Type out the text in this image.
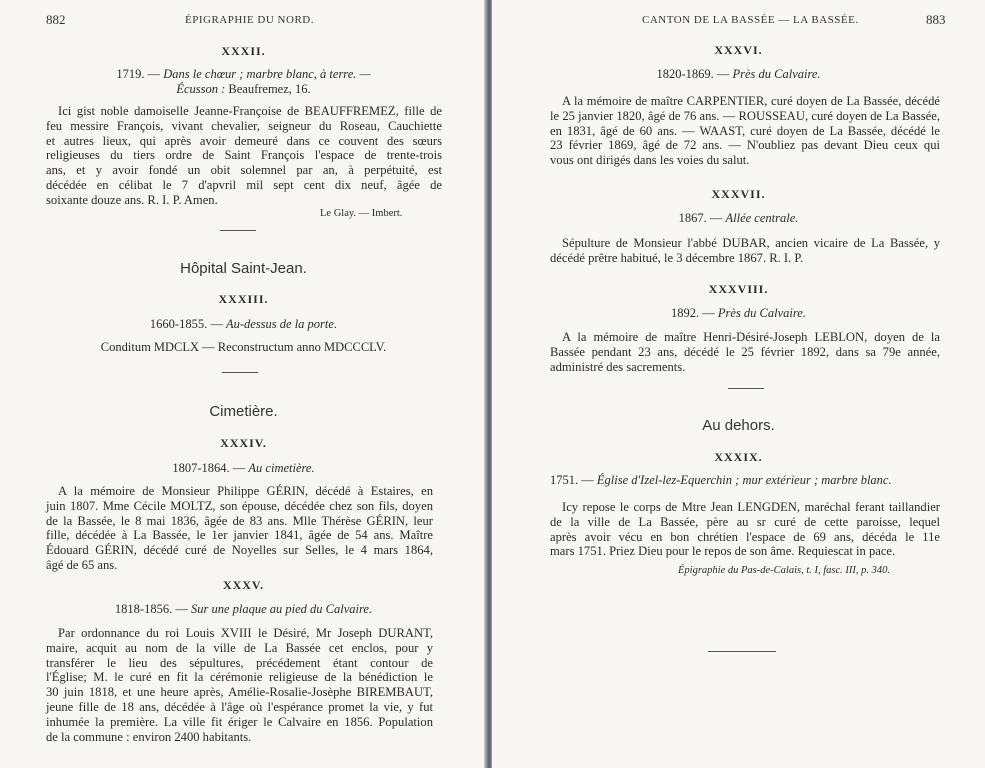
882	ÉPIGRAPHIE DU NORD.
XXXII.
1719. — Dans le chœur ; marbre blanc, à terre. —
Écusson : Beaufremez, 16.
Ici gist noble damoiselle Jeanne-Françoise de BEAUFFREMEZ, fille de
feu messire François, vivant chevalier, seigneur du Roseau, Cauchiette
et autres lieux, qui après avoir demeuré dans ce couvent des sœurs
religieuses du tiers ordre de Saint François l'espace de trente-trois
ans, et y avoir fondé un obit solemnel par an, à perpétuité, est
décédée en célibat le 7 d'apvril mil sept cent dix neuf, âgée de
soixante douze ans. R. I. P. Amen.
Le Glay. — Imbert.
Hôpital Saint-Jean.
XXXIII.
1660-1855. — Au-dessus de la porte.
Conditum MDCLX — Reconstructum anno MDCCCLV.
Cimetière.
XXXIV.
1807-1864. — Au cimetière.
A la mémoire de Monsieur Philippe GÉRIN, décédé à Estaires, en
juin 1807. Mme Cécile MOLTZ, son épouse, décédée chez son fils, doyen
de la Bassée, le 8 mai 1836, âgée de 83 ans. Mlle Thérèse GÉRIN, leur
fille, décédée à La Bassée, le 1er janvier 1841, âgée de 54 ans. Maître
Édouard GÉRIN, décédé curé de Noyelles sur Selles, le 4 mars 1864,
âgé de 65 ans.
XXXV.
1818-1856. — Sur une plaque au pied du Calvaire.
Par ordonnance du roi Louis XVIII le Désiré, Mr Joseph DURANT,
maire, acquit au nom de la ville de La Bassée cet enclos, pour y
transférer le lieu des sépultures, précédement étant contour de
l'Église; M. le curé en fit la cérémonie religieuse de la bénédiction le
30 juin 1818, et une heure après, Amélie-Rosalie-Josèphe BIREMBAUT,
jeune fille de 18 ans, décédée à l'âge où l'espérance promet la vie, y fut
inhumée la première. La ville fit ériger le Calvaire en 1856. Population
de la commune : environ 2400 habitants.
CANTON DE LA BASSÉE — LA BASSÉE.	883
XXXVI.
1820-1869. — Près du Calvaire.
A la mémoire de maître CARPENTIER, curé doyen de La Bassée, décédé
le 25 janvier 1820, âgé de 76 ans. — ROUSSEAU, curé doyen de La Bassée,
en 1831, âgé de 60 ans. — WAAST, curé doyen de La Bassée, décédé le
23 février 1869, âgé de 72 ans. — N'oubliez pas devant Dieu ceux qui
vous ont dirigés dans les voies du salut.
XXXVII.
1867. — Allée centrale.
Sépulture de Monsieur l'abbé DUBAR, ancien vicaire de La Bassée, y
décédé prêtre habitué, le 3 décembre 1867. R. I. P.
XXXVIII.
1892. — Près du Calvaire.
A la mémoire de maître Henri-Désiré-Joseph LEBLON, doyen de la
Bassée pendant 23 ans, décédé le 25 février 1892, dans sa 79e année,
administré des sacrements.
Au dehors.
XXXIX.
1751. — Église d'Izel-lez-Equerchin ; mur extérieur ; marbre blanc.
Icy repose le corps de Mtre Jean LENGDEN, maréchal ferant taillandier
de la ville de La Bassée, père au sr curé de cette paroisse, lequel
après avoir vécu en bon chrétien l'espace de 69 ans, décéda le 11e
mars 1751. Priez Dieu pour le repos de son âme. Requiescat in pace.
Épigraphie du Pas-de-Calais, t. I, fasc. III, p. 340.
